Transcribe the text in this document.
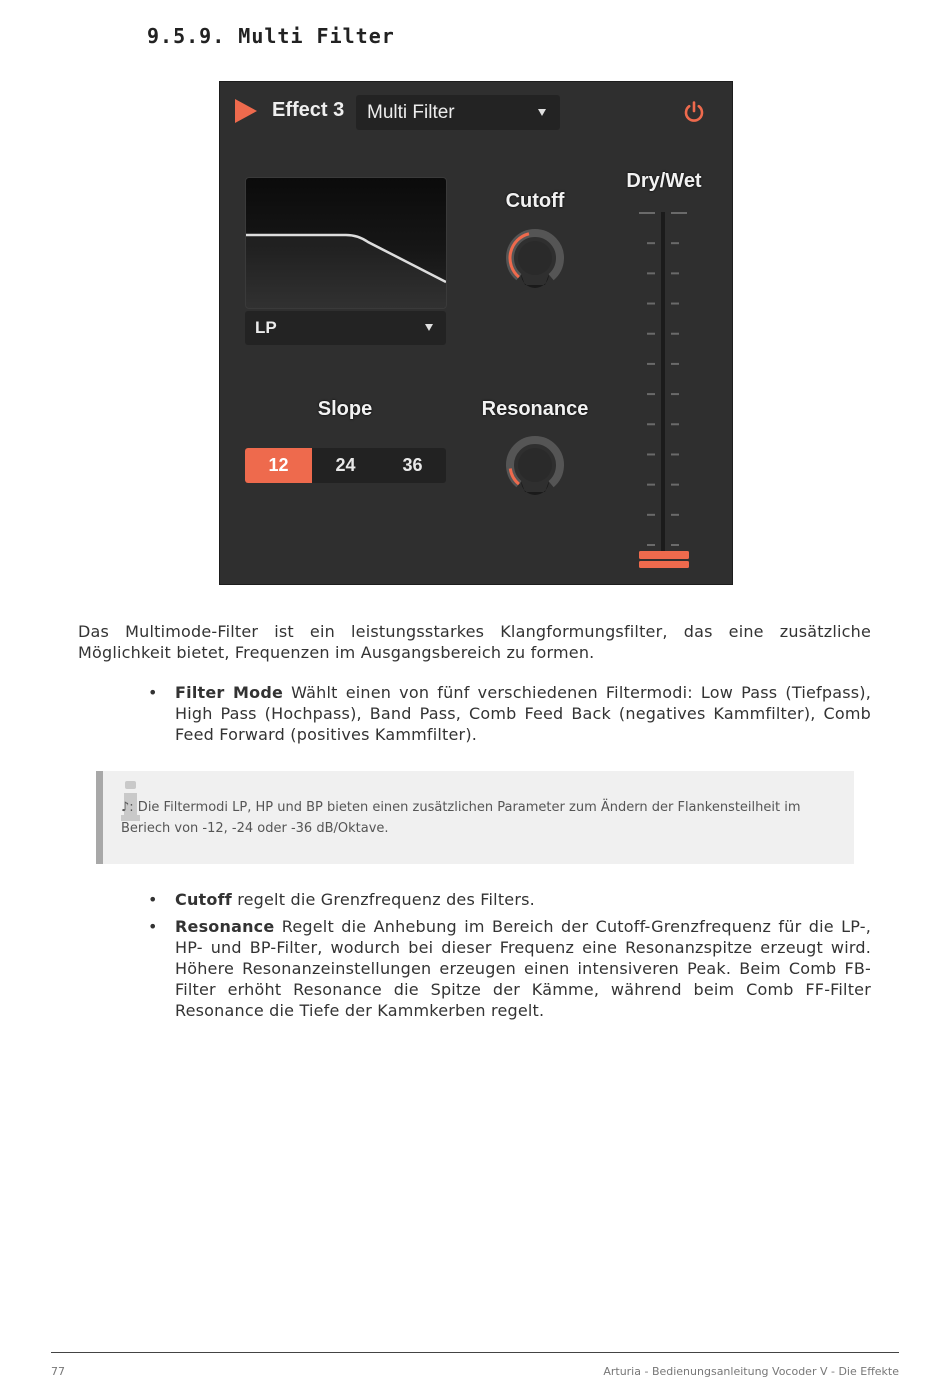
9.5.9. Multi Filter
Effect 3 Multi Filter
LP
Cutoff
Resonance
Slope
12	24	36
Dry/Wet

Das Multimode-Filter ist ein leistungsstarkes Klangformungsfilter, das eine zusätzliche Möglichkeit bietet, Frequenzen im Ausgangsbereich zu formen.

• Filter Mode Wählt einen von fünf verschiedenen Filtermodi: Low Pass (Tiefpass), High Pass (Hochpass), Band Pass, Comb Feed Back (negatives Kammfilter), Comb Feed Forward (positives Kammfilter).

♪: Die Filtermodi LP, HP und BP bieten einen zusätzlichen Parameter zum Ändern der Flankensteilheit im Beriech von -12, -24 oder -36 dB/Oktave.

• Cutoff regelt die Grenzfrequenz des Filters.
• Resonance Regelt die Anhebung im Bereich der Cutoff-Grenzfrequenz für die LP-, HP- und BP-Filter, wodurch bei dieser Frequenz eine Resonanzspitze erzeugt wird. Höhere Resonanzeinstellungen erzeugen einen intensiveren Peak. Beim Comb FB-Filter erhöht Resonance die Spitze der Kämme, während beim Comb FF-Filter Resonance die Tiefe der Kammkerben regelt.
77	Arturia - Bedienungsanleitung Vocoder V - Die Effekte
